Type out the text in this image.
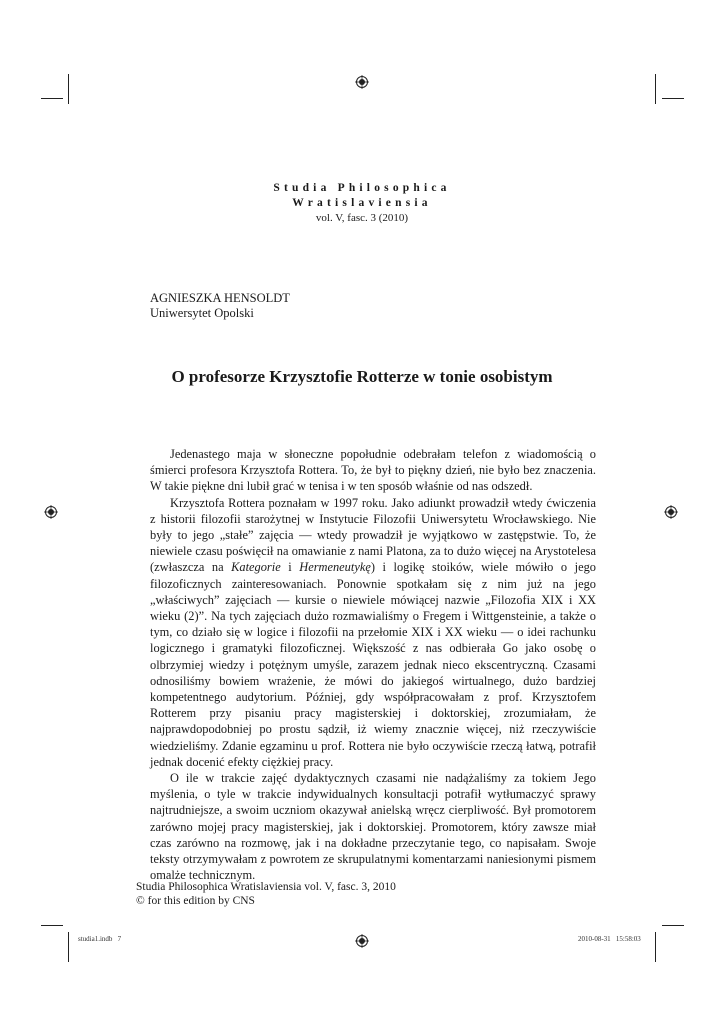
Studia Philosophica
Wratislaviensia
vol. V, fasc. 3 (2010)
AGNIESZKA HENSOLDT
Uniwersytet Opolski
O profesorze Krzysztofie Rotterze w tonie osobistym

Jedenastego maja w słoneczne popołudnie odebrałam telefon z wiadomością o śmierci profesora Krzysztofa Rottera. To, że był to piękny dzień, nie było bez znaczenia. W takie piękne dni lubił grać w tenisa i w ten sposób właśnie od nas odszedł.

Krzysztofa Rottera poznałam w 1997 roku. Jako adiunkt prowadził wtedy ćwiczenia z historii filozofii starożytnej w Instytucie Filozofii Uniwersytetu Wrocławskiego. Nie były to jego „stałe” zajęcia — wtedy prowadził je wyjątkowo w zastępstwie. To, że niewiele czasu poświęcił na omawianie z nami Platona, za to dużo więcej na Arystotelesa (zwłaszcza na Kategorie i Hermeneutykę) i logikę stoików, wiele mówiło o jego filozoficznych zainteresowaniach. Ponownie spotkałam się z nim już na jego „właściwych” zajęciach — kursie o niewiele mówiącej nazwie „Filozofia XIX i XX wieku (2)”. Na tych zajęciach dużo rozmawialiśmy o Fregem i Wittgensteinie, a także o tym, co działo się w logice i filozofii na przełomie XIX i XX wieku — o idei rachunku logicznego i gramatyki filozoficznej. Większość z nas odbierała Go jako osobę o olbrzymiej wiedzy i potężnym umyśle, zarazem jednak nieco ekscentryczną. Czasami odnosiliśmy bowiem wrażenie, że mówi do jakiegoś wirtualnego, dużo bardziej kompetentnego audytorium. Później, gdy współpracowałam z prof. Krzysztofem Rotterem przy pisaniu pracy magisterskiej i doktorskiej, zrozumiałam, że najprawdopodobniej po prostu sądził, iż wiemy znacznie więcej, niż rzeczywiście wiedzieliśmy. Zdanie egzaminu u prof. Rottera nie było oczywiście rzeczą łatwą, potrafił jednak docenić efekty ciężkiej pracy.

O ile w trakcie zajęć dydaktycznych czasami nie nadążaliśmy za tokiem Jego myślenia, o tyle w trakcie indywidualnych konsultacji potrafił wytłumaczyć sprawy najtrudniejsze, a swoim uczniom okazywał anielską wręcz cierpliwość. Był promotorem zarówno mojej pracy magisterskiej, jak i doktorskiej. Promotorem, który zawsze miał czas zarówno na rozmowę, jak i na dokładne przeczytanie tego, co napisałam. Swoje teksty otrzymywałam z powrotem ze skrupulatnymi komentarzami naniesionymi pismem omalże technicznym.

Studia Philosophica Wratislaviensia vol. V, fasc. 3, 2010
© for this edition by CNS
studia1.indb   7	2010-08-31   15:58:03
